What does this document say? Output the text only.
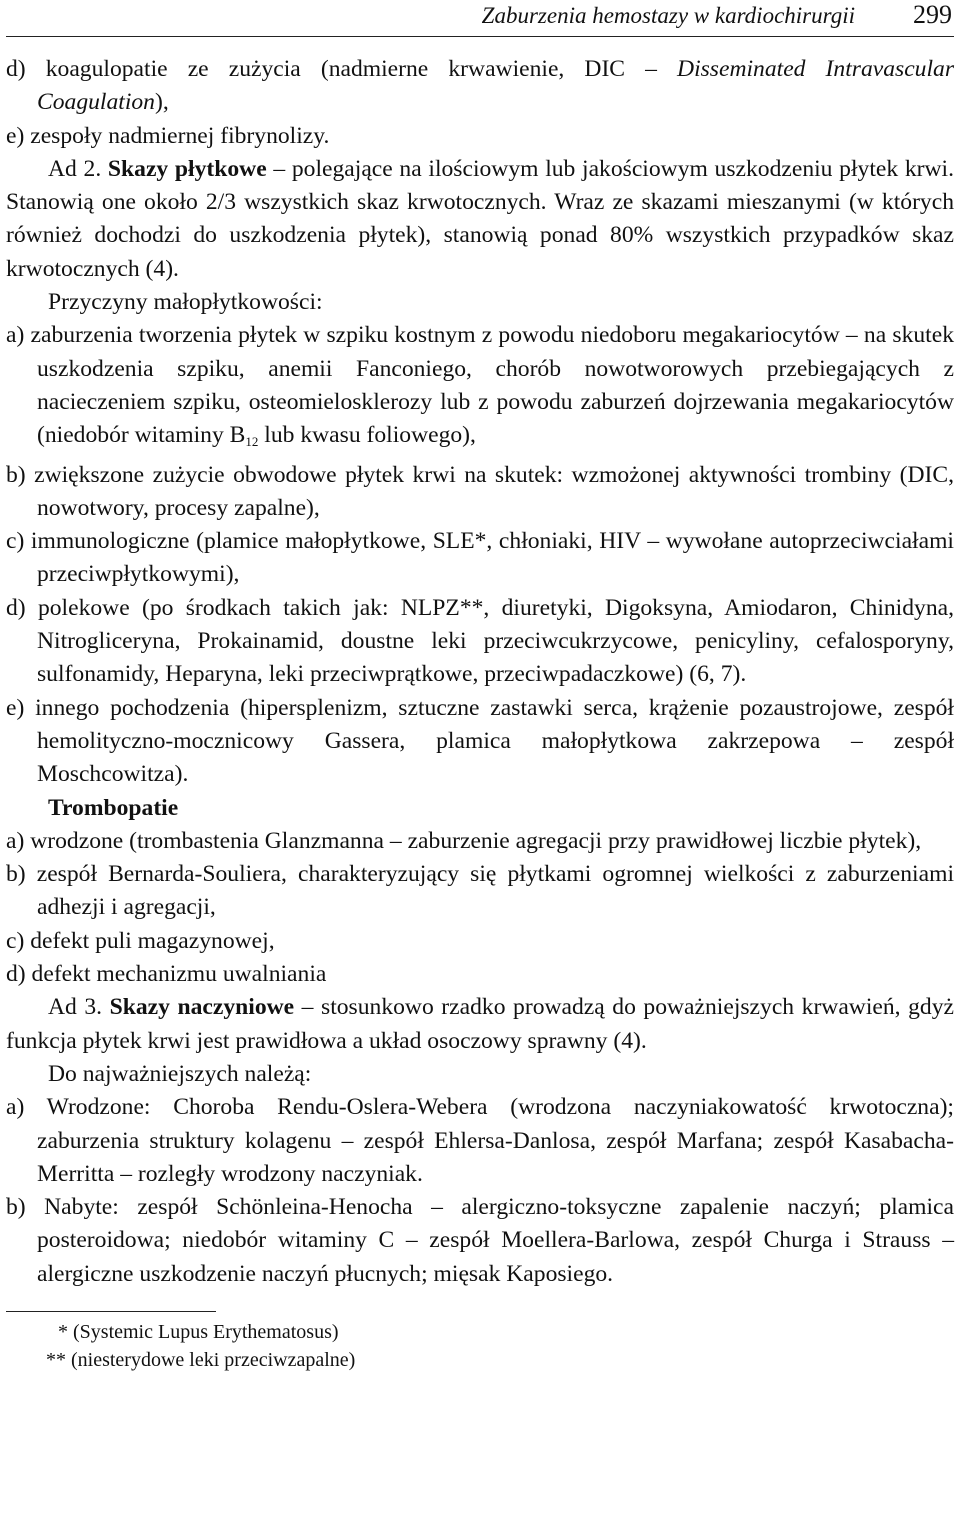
Zaburzenia hemostazy w kardiochirurgii 299

d) koagulopatie ze zużycia (nadmierne krwawienie, DIC – Disseminated Intravascular Coagulation),

e) zespoły nadmiernej fibrynolizy.

Ad 2. Skazy płytkowe – polegające na ilościowym lub jakościowym uszkodzeniu płytek krwi. Stanowią one około 2/3 wszystkich skaz krwotocznych. Wraz ze skazami mieszanymi (w których również dochodzi do uszkodzenia płytek), stanowią ponad 80% wszystkich przypadków skaz krwotocznych (4).

Przyczyny małopłytkowości:

a) zaburzenia tworzenia płytek w szpiku kostnym z powodu niedoboru megakariocytów – na skutek uszkodzenia szpiku, anemii Fanconiego, chorób nowotworowych przebiegających z nacieczeniem szpiku, osteomielosklerozy lub z powodu zaburzeń dojrzewania megakariocytów (niedobór witaminy $B_{12}$ lub kwasu foliowego),

b) zwiększone zużycie obwodowe płytek krwi na skutek: wzmożonej aktywności trombiny (DIC, nowotwory, procesy zapalne),

c) immunologiczne (plamice małopłytkowe, SLE*, chłoniaki, HIV – wywołane autoprzeciwciałami przeciwpłytkowymi),

d) polekowe (po środkach takich jak: NLPZ**, diuretyki, Digoksyna, Amiodaron, Chinidyna, Nitrogliceryna, Prokainamid, doustne leki przeciwcukrzycowe, penicyliny, cefalosporyny, sulfonamidy, Heparyna, leki przeciwprątkowe, przeciwpadaczkowe) (6, 7).

e) innego pochodzenia (hipersplenizm, sztuczne zastawki serca, krążenie pozaustrojowe, zespół hemolityczno-mocznicowy Gassera, plamica małopłytkowa zakrzepowa – zespół Moschcowitza).

Trombopatie

a) wrodzone (trombastenia Glanzmanna – zaburzenie agregacji przy prawidłowej liczbie płytek),

b) zespół Bernarda-Souliera, charakteryzujący się płytkami ogromnej wielkości z zaburzeniami adhezji i agregacji,

c) defekt puli magazynowej,

d) defekt mechanizmu uwalniania

Ad 3. Skazy naczyniowe – stosunkowo rzadko prowadzą do poważniejszych krwawień, gdyż funkcja płytek krwi jest prawidłowa a układ osoczowy sprawny (4).

Do najważniejszych należą:

a) Wrodzone: Choroba Rendu-Oslera-Webera (wrodzona naczyniakowatość krwotoczna); zaburzenia struktury kolagenu – zespół Ehlersa-Danlosa, zespół Marfana; zespół Kasabacha-Merritta – rozległy wrodzony naczyniak.

b) Nabyte: zespół Schönleina-Henocha – alergiczno-toksyczne zapalenie naczyń; plamica posteroidowa; niedobór witaminy C – zespół Moellera-Barlowa, zespół Churga i Strauss – alergiczne uszkodzenie naczyń płucnych; mięsak Kaposiego.

* (Systemic Lupus Erythematosus)
** (niesterydowe leki przeciwzapalne)
